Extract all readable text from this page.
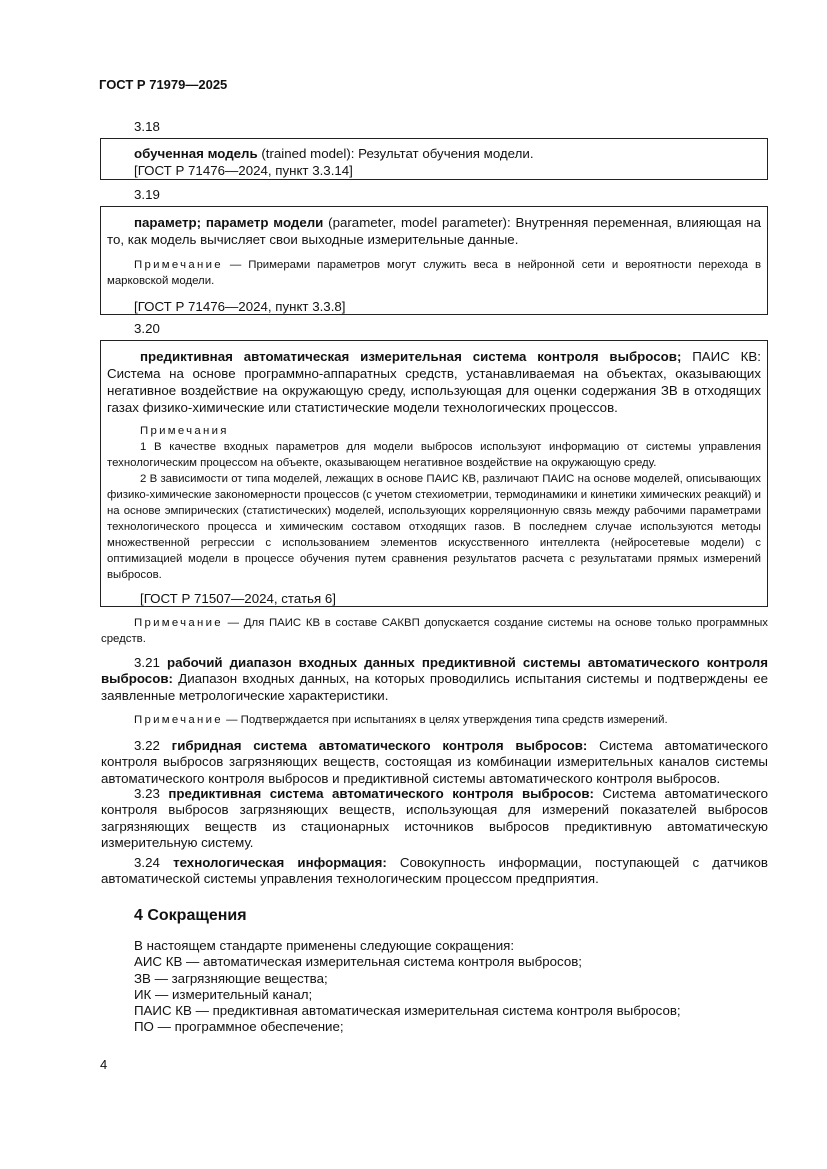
ГОСТ Р 71979—2025
3.18

обученная модель (trained model): Результат обучения модели.

[ГОСТ Р 71476—2024, пункт 3.3.14]

3.19

параметр; параметр модели (parameter, model parameter): Внутренняя переменная, влияющая на то, как модель вычисляет свои выходные измерительные данные.

Примечание — Примерами параметров могут служить веса в нейронной сети и вероятности перехода в марковской модели.

[ГОСТ Р 71476—2024, пункт 3.3.8]

3.20

предиктивная автоматическая измерительная система контроля выбросов; ПАИС КВ: Система на основе программно-аппаратных средств, устанавливаемая на объектах, оказывающих негативное воздействие на окружающую среду, использующая для оценки содержания ЗВ в отходящих газах физико-химические или статистические модели технологических процессов.

Примечания

1 В качестве входных параметров для модели выбросов используют информацию от системы управления технологическим процессом на объекте, оказывающем негативное воздействие на окружающую среду.

2 В зависимости от типа моделей, лежащих в основе ПАИС КВ, различают ПАИС на основе моделей, описывающих физико-химические закономерности процессов (с учетом стехиометрии, термодинамики и кинетики химических реакций) и на основе эмпирических (статистических) моделей, использующих корреляционную связь между рабочими параметрами технологического процесса и химическим составом отходящих газов. В последнем случае используются методы множественной регрессии с использованием элементов искусственного интеллекта (нейросетевые модели) с оптимизацией модели в процессе обучения путем сравнения результатов расчета с результатами прямых измерений выбросов.

[ГОСТ Р 71507—2024, статья 6]

Примечание — Для ПАИС КВ в составе САКВП допускается создание системы на основе только программных средств.
3.21 рабочий диапазон входных данных предиктивной системы автоматического контроля выбросов: Диапазон входных данных, на которых проводились испытания системы и подтверждены ее заявленные метрологические характеристики.
Примечание — Подтверждается при испытаниях в целях утверждения типа средств измерений.
3.22 гибридная система автоматического контроля выбросов: Система автоматического контроля выбросов загрязняющих веществ, состоящая из комбинации измерительных каналов системы автоматического контроля выбросов и предиктивной системы автоматического контроля выбросов.
3.23 предиктивная система автоматического контроля выбросов: Система автоматического контроля выбросов загрязняющих веществ, использующая для измерений показателей выбросов загрязняющих веществ из стационарных источников выбросов предиктивную автоматическую измерительную систему.
3.24 технологическая информация: Совокупность информации, поступающей с датчиков автоматической системы управления технологическим процессом предприятия.
4 Сокращения

В настоящем стандарте применены следующие сокращения:

АИС КВ — автоматическая измерительная система контроля выбросов;

ЗВ — загрязняющие вещества;

ИК — измерительный канал;

ПАИС КВ — предиктивная автоматическая измерительная система контроля выбросов;

ПО — программное обеспечение;

4
